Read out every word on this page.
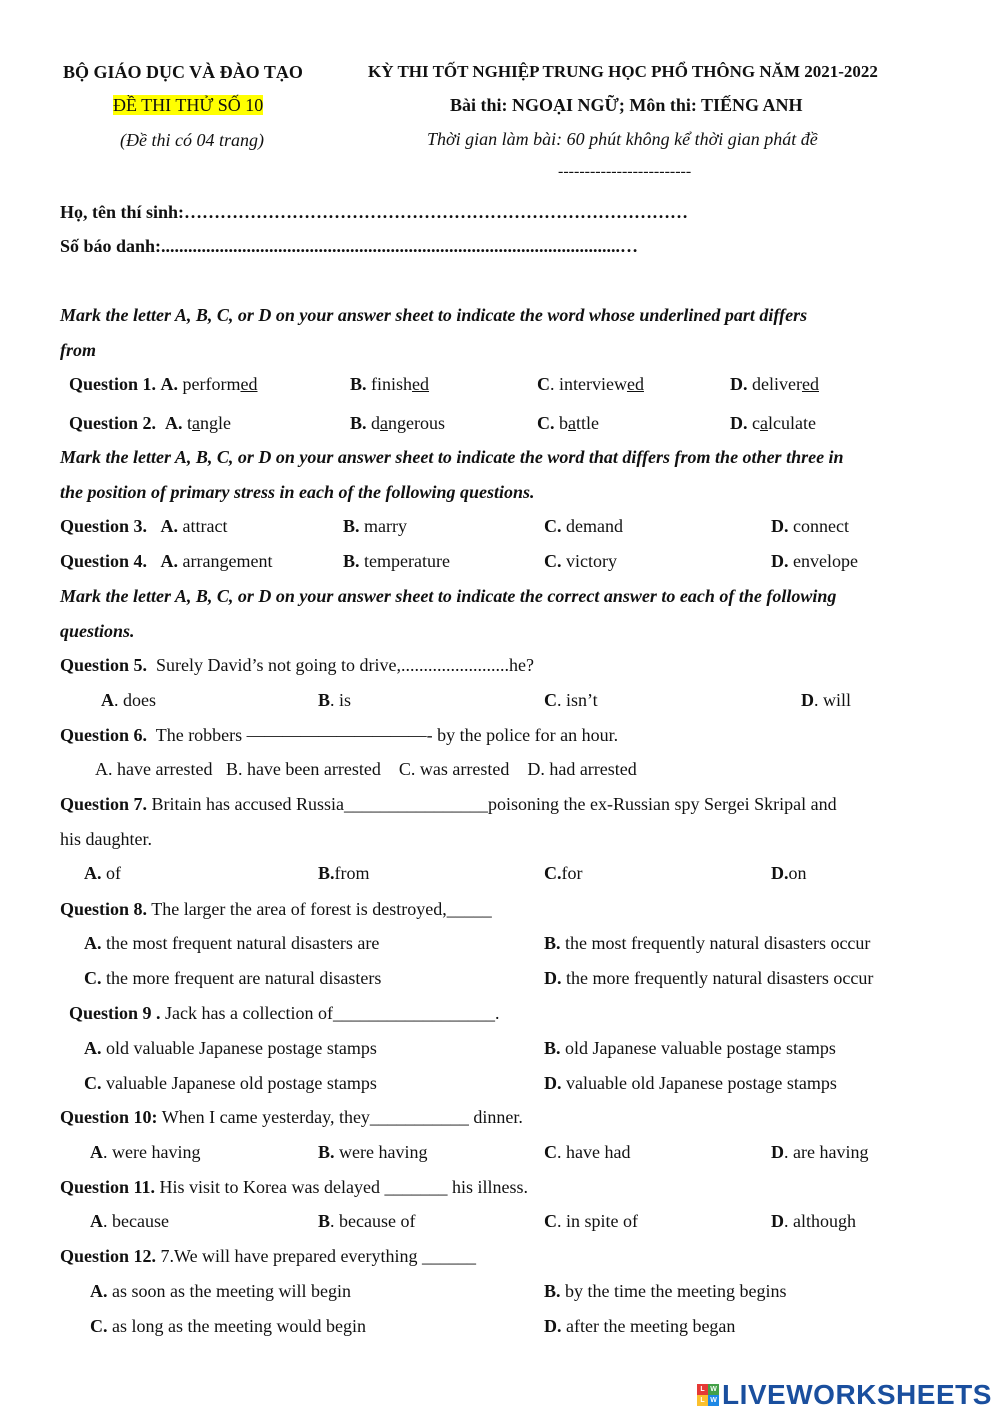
BỘ GIÁO DỤC VÀ ĐÀO TẠO
ĐỀ THI THỬ SỐ 10
(Đề thi có 04 trang)
KỲ THI TỐT NGHIỆP TRUNG HỌC PHỔ THÔNG NĂM 2021-2022
Bài thi: NGOẠI NGỮ; Môn thi: TIẾNG ANH
Thời gian làm bài: 60 phút không kể thời gian phát đề
-------------------------
Họ, tên thí sinh:…………………………………………………………………………
Số báo danh:......................................................................................................…
Mark the letter A, B, C, or D on your answer sheet to indicate the word whose underlined part differs
from
Question 1. A. performed	B. finished	C. interviewed	D. delivered
Question 2. A. tangle	B. dangerous	C. battle	D. calculate
Mark the letter A, B, C, or D on your answer sheet to indicate the word that differs from the other three in
the position of primary stress in each of the following questions.
Question 3. A. attract	B. marry	C. demand	D. connect
Question 4. A. arrangement	B. temperature	C. victory	D. envelope
Mark the letter A, B, C, or D on your answer sheet to indicate the correct answer to each of the following
questions.
Question 5. Surely David’s not going to drive,........................he?
A. does	B. is	C. isn’t	D. will
Question 6. The robbers ——————————- by the police for an hour.
A. have arrested   B. have been arrested    C. was arrested    D. had arrested
Question 7. Britain has accused Russia________________poisoning the ex-Russian spy Sergei Skripal and
his daughter.
A. of	B.from	C.for	D.on
Question 8. The larger the area of forest is destroyed,_____
A. the most frequent natural disasters are	B. the most frequently natural disasters occur
C. the more frequent are natural disasters	D. the more frequently natural disasters occur
Question 9 . Jack has a collection of__________________.
A. old valuable Japanese postage stamps	B. old Japanese valuable postage stamps
C. valuable Japanese old postage stamps	D. valuable old Japanese postage stamps
Question 10: When I came yesterday, they___________ dinner.
A. were having	B. were having	C. have had	D. are having
Question 11. His visit to Korea was delayed _______ his illness.
A. because	B. because of	C. in spite of	D. although
Question 12. 7.We will have prepared everything ______
A. as soon as the meeting will begin	B. by the time the meeting begins
C. as long as the meeting would begin	D. after the meeting began
L W
L W LIVEWORKSHEETS
